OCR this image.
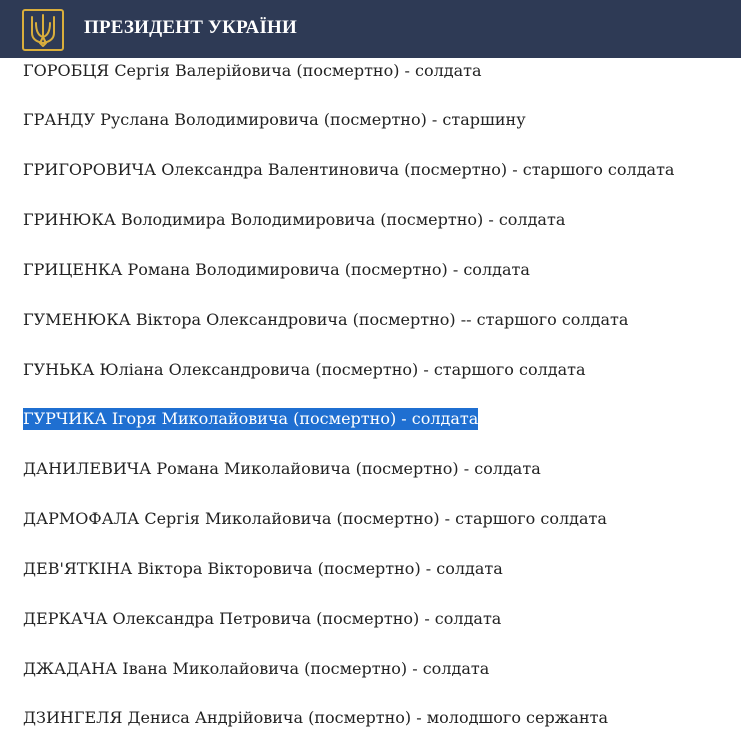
ГОРОБЦЯ Сергія Валерійовича (посмертно) - солдата
ГРАНДУ Руслана Володимировича (посмертно) - старшину
ГРИГОРОВИЧА Олександра Валентиновича (посмертно) - старшого солдата
ГРИНЮКА Володимира Володимировича (посмертно) - солдата
ГРИЦЕНКА Романа Володимировича (посмертно) - солдата
ГУМЕНЮКА Віктора Олександровича (посмертно) -- старшого солдата
ГУНЬКА Юліана Олександровича (посмертно) - старшого солдата
ГУРЧИКА Ігоря Миколайовича (посмертно) - солдата
ДАНИЛЕВИЧА Романа Миколайовича (посмертно) - солдата
ДАРМОФАЛА Сергія Миколайовича (посмертно) - старшого солдата
ДЕВ'ЯТКІНА Віктора Вікторовича (посмертно) - солдата
ДЕРКАЧА Олександра Петровича (посмертно) - солдата
ДЖАДАНА Івана Миколайовича (посмертно) - солдата
ДЗИНГЕЛЯ Дениса Андрійовича (посмертно) - молодшого сержанта
ПРЕЗИДЕНТ УКРАЇНИ
